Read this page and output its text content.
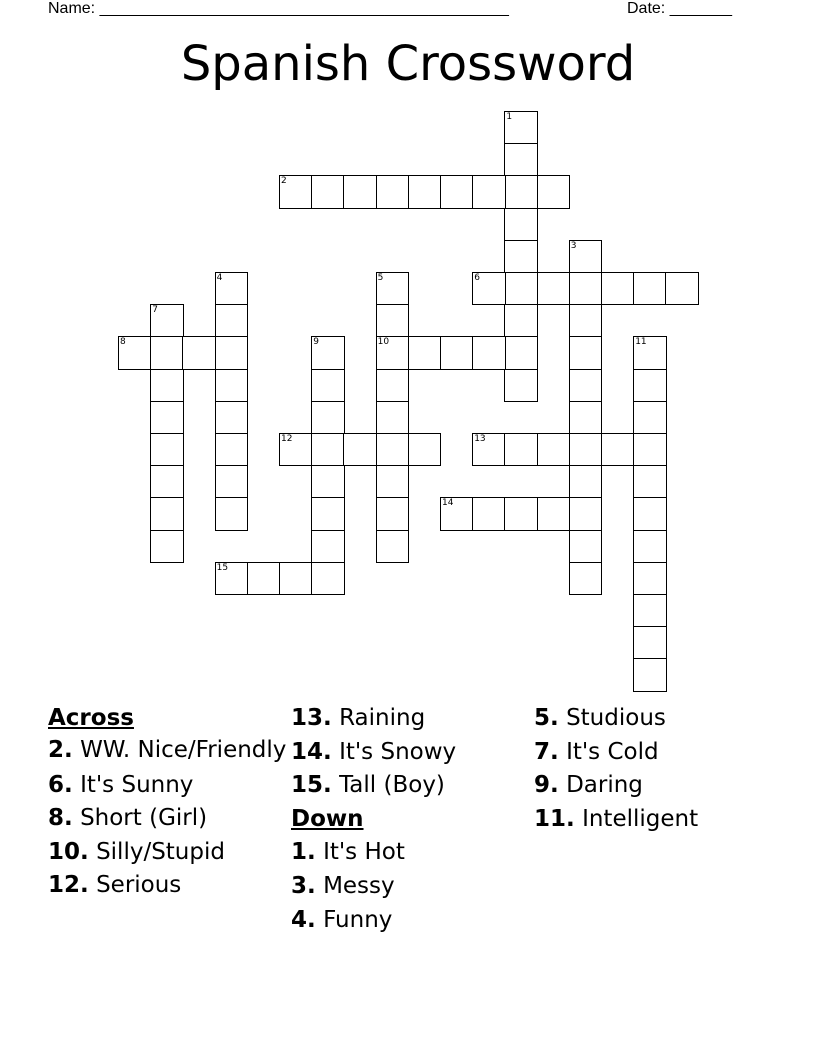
Name: ______________________________________________	Date: _______
Spanish Crossword
1
2
3
4	5
10
6
7
8	9	11
12	13
14
15
Across
2. WW. Nice/Friendly
6. It's Sunny
8. Short (Girl)
10. Silly/Stupid
12. Serious
13. Raining
14. It's Snowy
15. Tall (Boy)
Down
1. It's Hot
3. Messy
4. Funny
5. Studious
7. It's Cold
9. Daring
11. Intelligent
